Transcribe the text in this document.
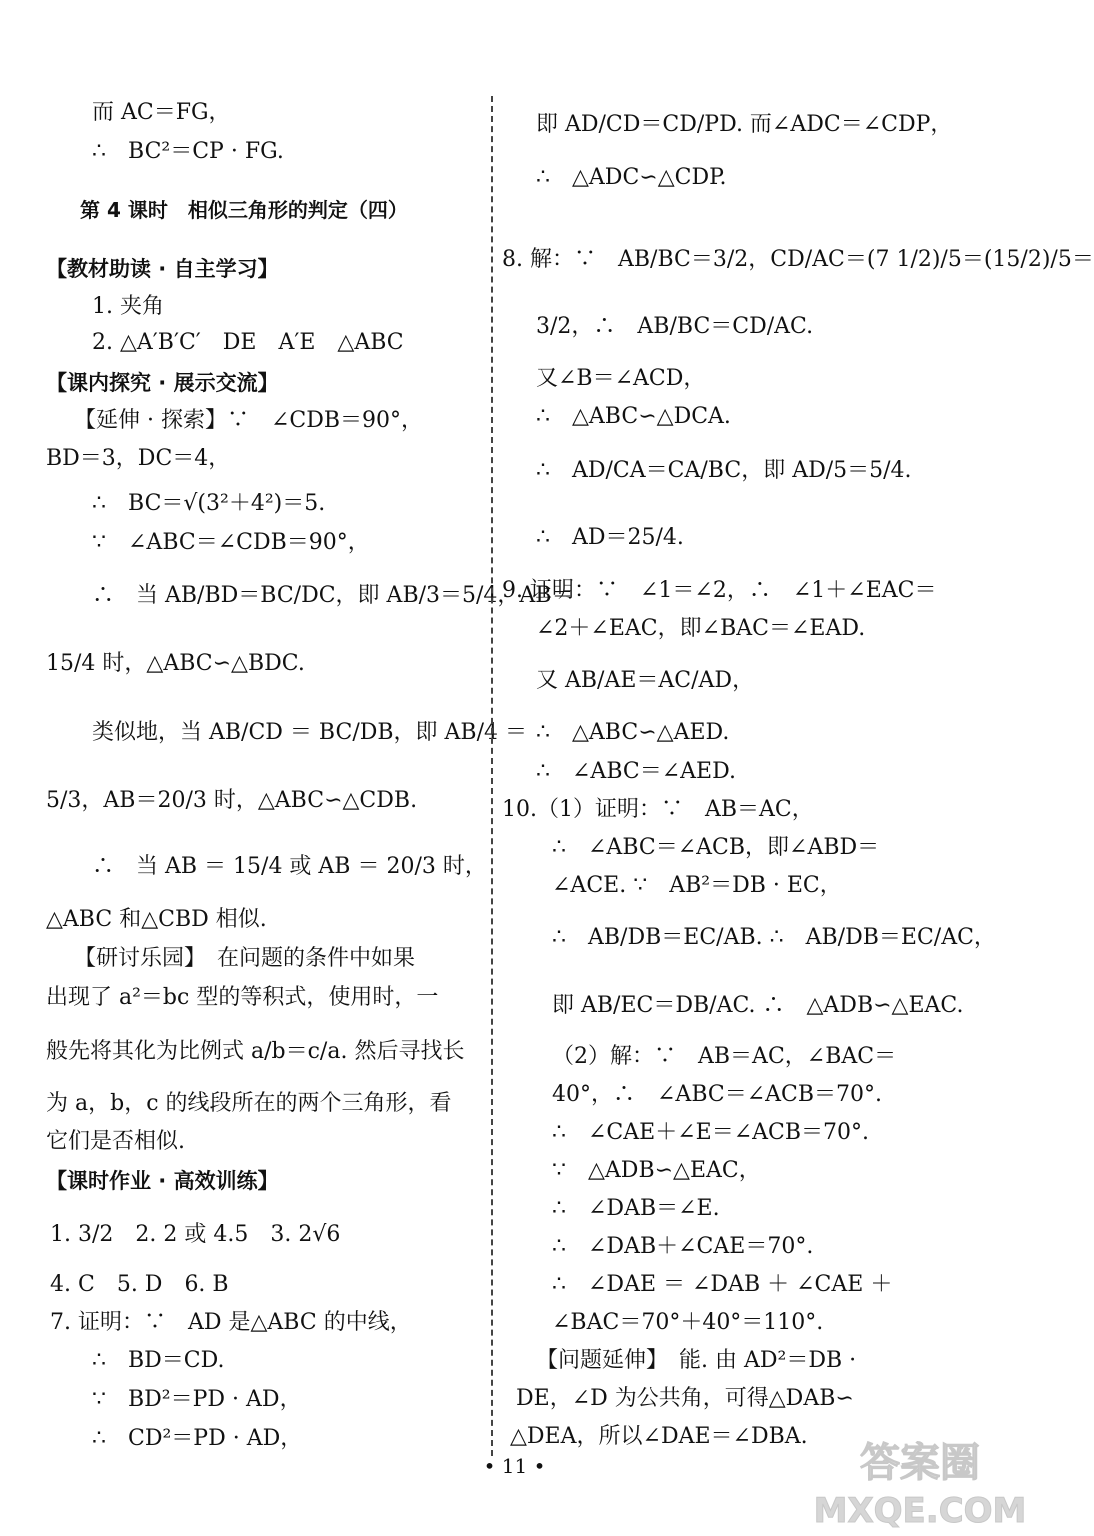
而 AC＝FG，
∴　BC²＝CP · FG.
第 4 课时　相似三角形的判定（四）
【教材助读 · 自主学习】
1. 夹角
2. △A′B′C′　DE　A′E　△ABC
【课内探究 · 展示交流】
【延伸 · 探索】∵　∠CDB＝90°，
BD＝3，DC＝4，
∴　BC＝√(3²＋4²)＝5.
∵　∠ABC＝∠CDB＝90°，
∴　当 AB/BD＝BC/DC，即 AB/3＝5/4，AB＝
15/4 时，△ABC∽△BDC.
类似地，当 AB/CD ＝ BC/DB，即 AB/4 ＝
5/3，AB＝20/3 时，△ABC∽△CDB.
∴　当 AB ＝ 15/4 或 AB ＝ 20/3 时，
△ABC 和△CBD 相似.
【研讨乐园】　在问题的条件中如果
出现了 a²＝bc 型的等积式，使用时，一
般先将其化为比例式 a/b＝c/a. 然后寻找长
为 a，b，c 的线段所在的两个三角形，看
它们是否相似.
【课时作业 · 高效训练】
1. 3/2　2. 2 或 4.5　3. 2√6
4. C　5. D　6. B
7. 证明：∵　AD 是△ABC 的中线，
∴　BD＝CD.
∵　BD²＝PD · AD，
∴　CD²＝PD · AD，
即 AD/CD＝CD/PD. 而∠ADC＝∠CDP，
∴　△ADC∽△CDP.
8. 解：∵　AB/BC＝3/2，CD/AC＝(7 1/2)/5＝(15/2)/5＝
3/2，∴　AB/BC＝CD/AC.
又∠B＝∠ACD，
∴　△ABC∽△DCA.
∴　AD/CA＝CA/BC，即 AD/5＝5/4.
∴　AD＝25/4.
9. 证明：∵　∠1＝∠2，∴　∠1＋∠EAC＝
∠2＋∠EAC，即∠BAC＝∠EAD.
又 AB/AE＝AC/AD，
∴　△ABC∽△AED.
∴　∠ABC＝∠AED.
10.（1）证明：∵　AB＝AC，
∴　∠ABC＝∠ACB，即∠ABD＝
∠ACE. ∵　AB²＝DB · EC，
∴　AB/DB＝EC/AB. ∴　AB/DB＝EC/AC，
即 AB/EC＝DB/AC. ∴　△ADB∽△EAC.
（2）解：∵　AB＝AC，∠BAC＝
40°，∴　∠ABC＝∠ACB＝70°.
∴　∠CAE＋∠E＝∠ACB＝70°.
∵　△ADB∽△EAC，
∴　∠DAB＝∠E.
∴　∠DAB＋∠CAE＝70°.
∴　∠DAE ＝ ∠DAB ＋ ∠CAE ＋
∠BAC＝70°＋40°＝110°.
【问题延伸】　能. 由 AD²＝DB ·
DE，∠D 为公共角，可得△DAB∽
△DEA，所以∠DAE＝∠DBA.
• 11 •	答案圈
MXQE.COM
